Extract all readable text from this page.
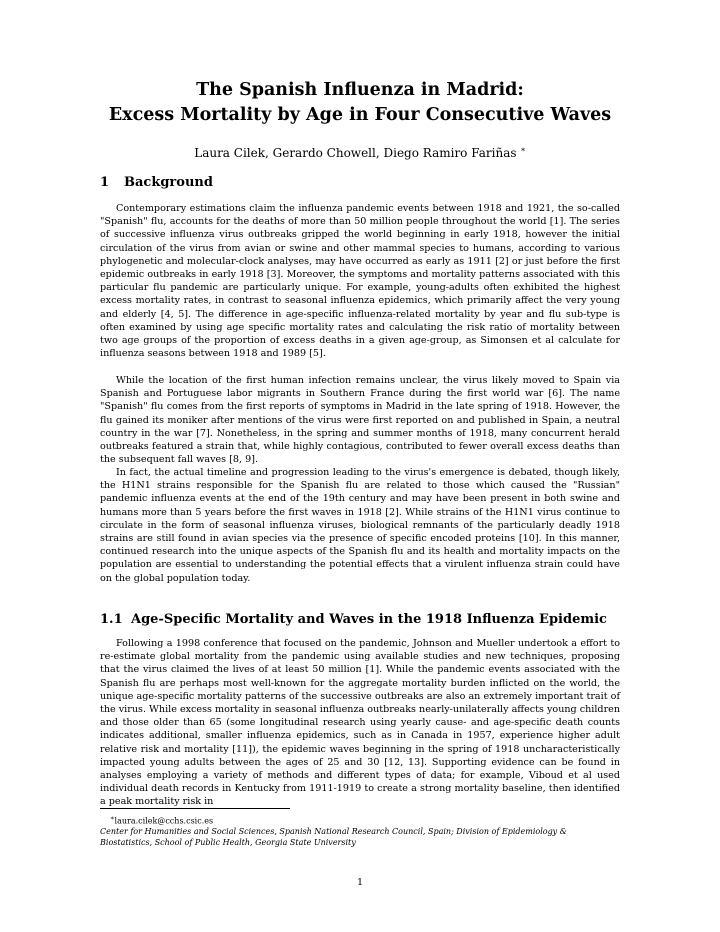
The Spanish Influenza in Madrid:
Excess Mortality by Age in Four Consecutive Waves

Laura Cilek, Gerardo Chowell, Diego Ramiro Fariñas ∗

1 Background

Contemporary estimations claim the influenza pandemic events between 1918 and 1921, the so-called "Spanish" flu, accounts for the deaths of more than 50 million people throughout the world [1]. The series of successive influenza virus outbreaks gripped the world beginning in early 1918, however the initial circulation of the virus from avian or swine and other mammal species to humans, according to various phylogenetic and molecular-clock analyses, may have occurred as early as 1911 [2] or just before the first epidemic outbreaks in early 1918 [3]. Moreover, the symptoms and mortality patterns associated with this particular flu pandemic are particularly unique. For example, young-adults often exhibited the highest excess mortality rates, in contrast to seasonal influenza epidemics, which primarily affect the very young and elderly [4, 5]. The difference in age-specific influenza-related mortality by year and flu sub-type is often examined by using age specific mortality rates and calculating the risk ratio of mortality between two age groups of the proportion of excess deaths in a given age-group, as Simonsen et al calculate for influenza seasons between 1918 and 1989 [5].

While the location of the first human infection remains unclear, the virus likely moved to Spain via Spanish and Portuguese labor migrants in Southern France during the first world war [6]. The name "Spanish" flu comes from the first reports of symptoms in Madrid in the late spring of 1918. However, the flu gained its moniker after mentions of the virus were first reported on and published in Spain, a neutral country in the war [7]. Nonetheless, in the spring and summer months of 1918, many concurrent herald outbreaks featured a strain that, while highly contagious, contributed to fewer overall excess deaths than the subsequent fall waves [8, 9].

In fact, the actual timeline and progression leading to the virus's emergence is debated, though likely, the H1N1 strains responsible for the Spanish flu are related to those which caused the "Russian" pandemic influenza events at the end of the 19th century and may have been present in both swine and humans more than 5 years before the first waves in 1918 [2]. While strains of the H1N1 virus continue to circulate in the form of seasonal influenza viruses, biological remnants of the particularly deadly 1918 strains are still found in avian species via the presence of specific encoded proteins [10]. In this manner, continued research into the unique aspects of the Spanish flu and its health and mortality impacts on the population are essential to understanding the potential effects that a virulent influenza strain could have on the global population today.

1.1 Age-Specific Mortality and Waves in the 1918 Influenza Epidemic

Following a 1998 conference that focused on the pandemic, Johnson and Mueller undertook a effort to re-estimate global mortality from the pandemic using available studies and new techniques, proposing that the virus claimed the lives of at least 50 million [1]. While the pandemic events associated with the Spanish flu are perhaps most well-known for the aggregate mortality burden inflicted on the world, the unique age-specific mortality patterns of the successive outbreaks are also an extremely important trait of the virus. While excess mortality in seasonal influenza outbreaks nearly-unilaterally affects young children and those older than 65 (some longitudinal research using yearly cause- and age-specific death counts indicates additional, smaller influenza epidemics, such as in Canada in 1957, experience higher adult relative risk and mortality [11]), the epidemic waves beginning in the spring of 1918 uncharacteristically impacted young adults between the ages of 25 and 30 [12, 13]. Supporting evidence can be found in analyses employing a variety of methods and different types of data; for example, Viboud et al used individual death records in Kentucky from 1911-1919 to create a strong mortality baseline, then identified a peak mortality risk in

∗laura.cilek@cchs.csic.es

Center for Humanities and Social Sciences, Spanish National Research Council, Spain; Division of Epidemiology & Biostatistics, School of Public Health, Georgia State University

1
